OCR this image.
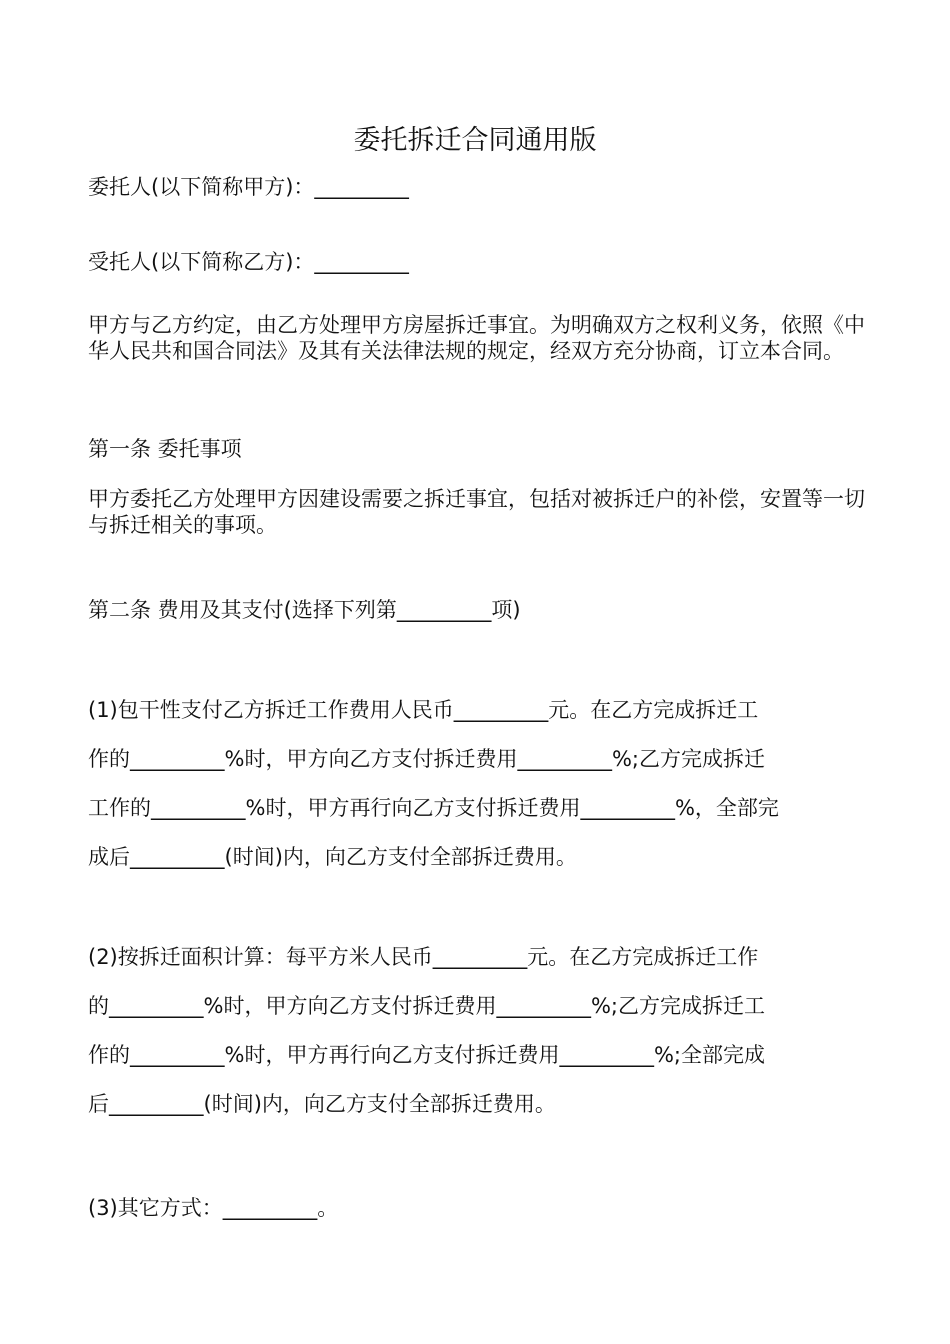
委托拆迁合同通用版
委托人(以下简称甲方)：_________
受托人(以下简称乙方)：_________
甲方与乙方约定，由乙方处理甲方房屋拆迁事宜。为明确双方之权利义务，依照《中华人民共和国合同法》及其有关法律法规的规定，经双方充分协商，订立本合同。
第一条 委托事项
甲方委托乙方处理甲方因建设需要之拆迁事宜，包括对被拆迁户的补偿，安置等一切与拆迁相关的事项。
第二条 费用及其支付(选择下列第_________项)
(1)包干性支付乙方拆迁工作费用人民币_________元。在乙方完成拆迁工
作的_________%时，甲方向乙方支付拆迁费用_________%;乙方完成拆迁
工作的_________%时，甲方再行向乙方支付拆迁费用_________%，全部完
成后_________(时间)内，向乙方支付全部拆迁费用。
(2)按拆迁面积计算：每平方米人民币_________元。在乙方完成拆迁工作
的_________%时，甲方向乙方支付拆迁费用_________%;乙方完成拆迁工
作的_________%时，甲方再行向乙方支付拆迁费用_________%;全部完成
后_________(时间)内，向乙方支付全部拆迁费用。
(3)其它方式：_________。
